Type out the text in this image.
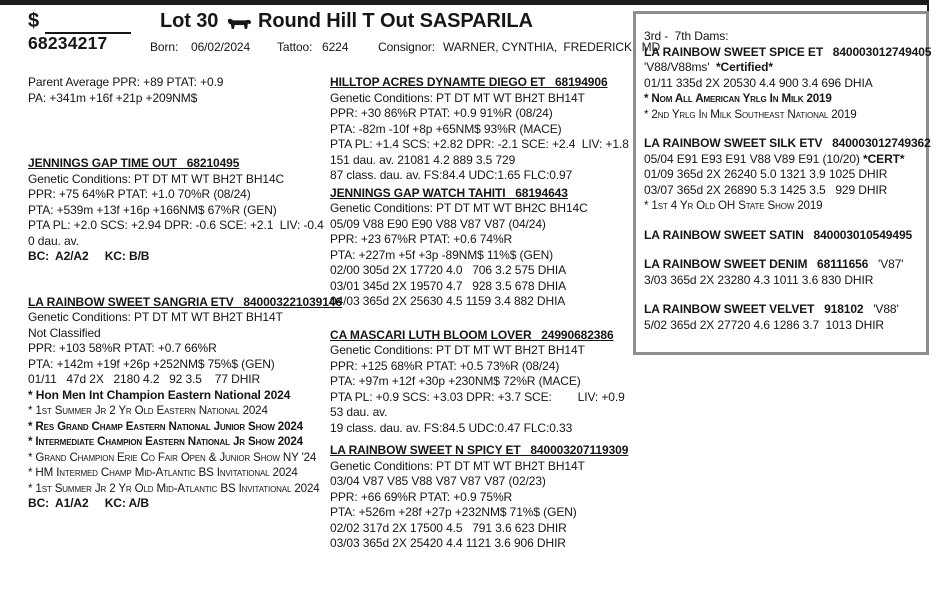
$	Lot 30 Round Hill T Out SASPARILA
68234217	Born: 06/02/2024 Tattoo: 6224 Consignor: WARNER, CYNTHIA,  FREDERICK,  MD
Parent Average PPR: +89 PTAT: +0.9
PA: +341m +16f +21p +209NM$
JENNINGS GAP TIME OUT   68210495
Genetic Conditions: PT DT MT WT BH2T BH14C
PPR: +75 64%R PTAT: +1.0 70%R (08/24)
PTA: +539m +13f +16p +166NM$ 67%R (GEN)
PTA PL: +2.0 SCS: +2.94 DPR: -0.6 SCE: +2.1  LIV: -0.4
0 dau. av.
BC:  A2/A2     KC: B/B
LA RAINBOW SWEET SANGRIA ETV   840003221039146
Genetic Conditions: PT DT MT WT BH2T BH14T
Not Classified
PPR: +103 58%R PTAT: +0.7 66%R
PTA: +142m +19f +26p +252NM$ 75%$ (GEN)
01/11   47d 2X   2180 4.2   92 3.5    77 DHIR
* Hon Men Int Champion Eastern National 2024
* 1st Summer Jr 2 Yr Old Eastern National 2024
* Res Grand Champ Eastern National Junior Show 2024
* Intermediate Champion Eastern National Jr Show 2024
* Grand Champion Erie Co Fair Open & Junior Show NY '24
* HM Intermed Champ Mid-Atlantic BS Invitational 2024
* 1st Summer Jr 2 Yr Old Mid-Atlantic BS Invitational 2024
BC:  A1/A2     KC: A/B
HILLTOP ACRES DYNAMTE DIEGO ET   68194906
Genetic Conditions: PT DT MT WT BH2T BH14T
PPR: +30 86%R PTAT: +0.9 91%R (08/24)
PTA: -82m -10f +8p +65NM$ 93%R (MACE)
PTA PL: +1.4 SCS: +2.82 DPR: -2.1 SCE: +2.4  LIV: +1.8
151 dau. av. 21081 4.2 889 3.5 729
87 class. dau. av. FS:84.4 UDC:1.65 FLC:0.97
JENNINGS GAP WATCH TAHITI   68194643
Genetic Conditions: PT DT MT WT BH2C BH14C
05/09 V88 E90 E90 V88 V87 V87 (04/24)
PPR: +23 67%R PTAT: +0.6 74%R
PTA: +227m +5f +3p -89NM$ 11%$ (GEN)
02/00 305d 2X 17720 4.0   706 3.2 575 DHIA
03/01 345d 2X 19570 4.7   928 3.5 678 DHIA
04/03 365d 2X 25630 4.5 1159 3.4 882 DHIA
CA MASCARI LUTH BLOOM LOVER   24990682386
Genetic Conditions: PT DT MT WT BH2T BH14T
PPR: +125 68%R PTAT: +0.5 73%R (08/24)
PTA: +97m +12f +30p +230NM$ 72%R (MACE)
PTA PL: +0.9 SCS: +3.03 DPR: +3.7 SCE:        LIV: +0.9
53 dau. av.
19 class. dau. av. FS:84.5 UDC:0.47 FLC:0.33
LA RAINBOW SWEET N SPICY ET   840003207119309
Genetic Conditions: PT DT MT WT BH2T BH14T
03/04 V87 V85 V88 V87 V87 V87 (02/23)
PPR: +66 69%R PTAT: +0.9 75%R
PTA: +526m +28f +27p +232NM$ 71%$ (GEN)
02/02 317d 2X 17500 4.5   791 3.6 623 DHIR
03/03 365d 2X 25420 4.4 1121 3.6 906 DHIR
3rd -  7th Dams:
LA RAINBOW SWEET SPICE ET   840003012749405
'V88/V88ms'  *Certified*
01/11 335d 2X 20530 4.4 900 3.4 696 DHIA
* Nom All American Yrlg In Milk 2019
* 2nd Yrlg In Milk Southeast National 2019
LA RAINBOW SWEET SILK ETV   840003012749362
05/04 E91 E93 E91 V88 V89 E91 (10/20) *CERT*
01/09 365d 2X 26240 5.0 1321 3.9 1025 DHIR
03/07 365d 2X 26890 5.3 1425 3.5   929 DHIR
* 1st 4 Yr Old OH State Show 2019
LA RAINBOW SWEET SATIN   840003010549495
LA RAINBOW SWEET DENIM   68111656   'V87'
3/03 365d 2X 23280 4.3 1011 3.6 830 DHIR
LA RAINBOW SWEET VELVET   918102   'V88'
5/02 365d 2X 27720 4.6 1286 3.7  1013 DHIR
